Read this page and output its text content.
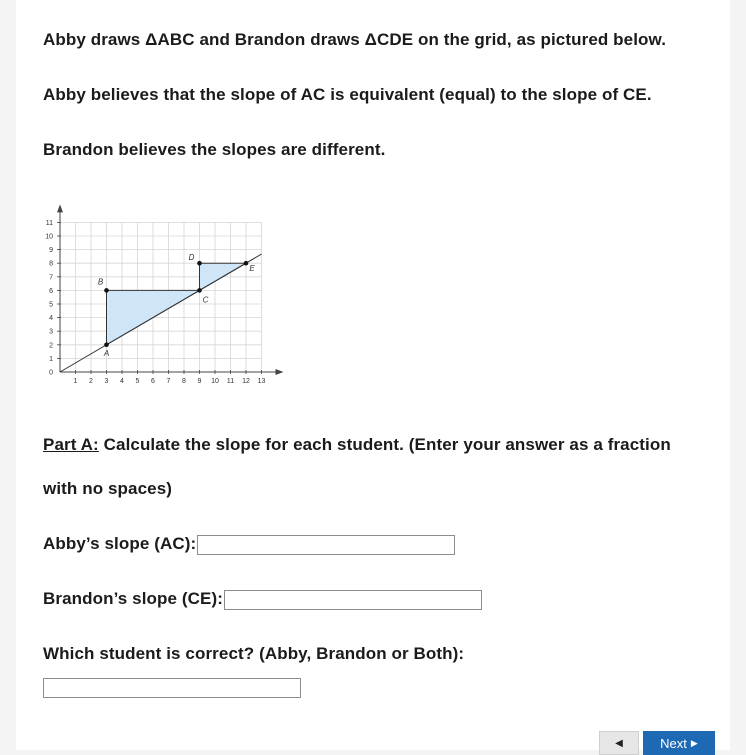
Abby draws ΔABC and Brandon draws ΔCDE on the grid, as pictured below.
Abby believes that the slope of AC is equivalent (equal) to the slope of CE.
Brandon believes the slopes are different.
1 2 3 4 5 6 7 8 9 10 11 12 13
0
1
2
3
4
5
6
7
8
9
10
11
A
B
C
D
E
Part A: Calculate the slope for each student. (Enter your answer as a fraction
with no spaces)
Abby’s slope (AC):
Brandon’s slope (CE):
Which student is correct? (Abby, Brandon or Both):
◀	Next ▶
